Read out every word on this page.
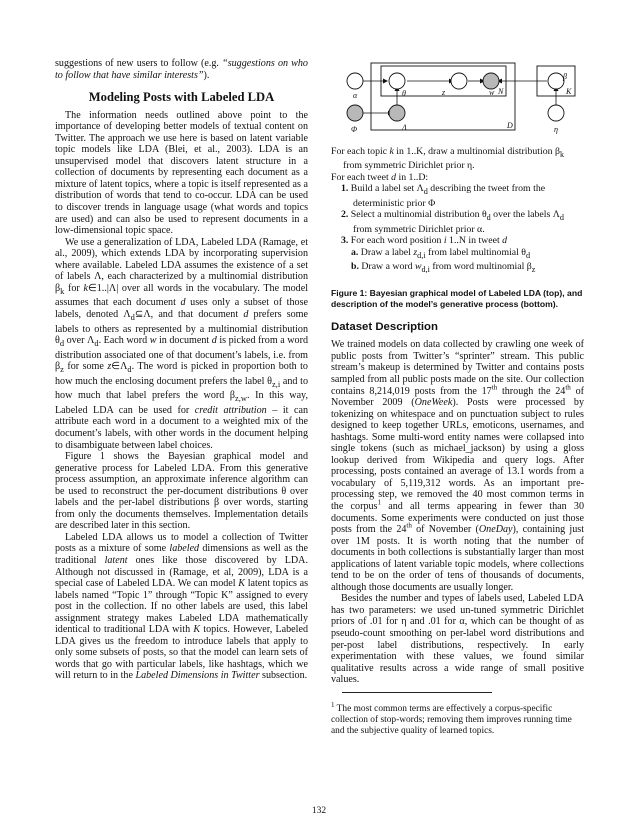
suggestions of new users to follow (e.g. “suggestions on who to follow that have similar interests”).

Modeling Posts with Labeled LDA

The information needs outlined above point to the importance of developing better models of textual content on Twitter. The approach we use here is based on latent variable topic models like LDA (Blei, et al., 2003). LDA is an unsupervised model that discovers latent structure in a collection of documents by representing each document as a mixture of latent topics, where a topic is itself represented as a distribution of words that tend to co-occur. LDA can be used to discover trends in language usage (what words and topics are used) and can also be used to represent documents in a low-dimensional topic space.

We use a generalization of LDA, Labeled LDA (Ramage, et al., 2009), which extends LDA by incorporating supervision where available. Labeled LDA assumes the existence of a set of labels Λ, each characterized by a multinomial distribution $\beta_k$ for k∈1..|Λ| over all words in the vocabulary. The model assumes that each document d uses only a subset of those labels, denoted $\Lambda_d⊆\Lambda$, and that document d prefers some labels to others as represented by a multinomial distribution $\theta_d$ over $\Lambda_d$. Each word w in document d is picked from a word distribution associated one of that document’s labels, i.e. from $\beta_z$ for some $z\in\Lambda_d$. The word is picked in proportion both to how much the enclosing document prefers the label $\theta_{z,i}$ and to how much that label prefers the word $\beta_{z,w}$. In this way, Labeled LDA can be used for credit attribution – it can attribute each word in a document to a weighted mix of the document’s labels, with other words in the document helping to disambiguate between label choices.

Figure 1 shows the Bayesian graphical model and generative process for Labeled LDA. From this generative process assumption, an approximate inference algorithm can be used to reconstruct the per-document distributions θ over labels and the per-label distributions β over words, starting from only the documents themselves. Implementation details are described later in this section.

Labeled LDA allows us to model a collection of Twitter posts as a mixture of some labeled dimensions as well as the traditional latent ones like those discovered by LDA. Although not discussed in (Ramage, et al, 2009), LDA is a special case of Labeled LDA. We can model K latent topics as labels named “Topic 1” through “Topic K” assigned to every post in the collection. If no other labels are used, this label assignment strategy makes Labeled LDA mathematically identical to traditional LDA with K topics. However, Labeled LDA gives us the freedom to introduce labels that apply to only some subsets of posts, so that the model can learn sets of words that go with particular labels, like hashtags, which we will return to in the Labeled Dimensions in Twitter subsection.

α	θ	z	w
β
Φ	Λ	η
N	K
D

For each topic k in 1..K, draw a multinomial distribution $\beta_k$ from symmetric Dirichlet prior η.

For each tweet d in 1..D:

1. Build a label set $\Lambda_d$ describing the tweet from the deterministic prior Φ

2. Select a multinomial distribution $\theta_d$ over the labels $\Lambda_d$ from symmetric Dirichlet prior α.

3. For each word position i 1..N in tweet d

a. Draw a label $z_{d,i}$ from label multinomial $\theta_d$

b. Draw a word $w_{d,i}$ from word multinomial $\beta_z$

Figure 1: Bayesian graphical model of Labeled LDA (top), and description of the model’s generative process (bottom).
Dataset Description

We trained models on data collected by crawling one week of public posts from Twitter’s “sprinter” stream. This public stream’s makeup is determined by Twitter and contains posts sampled from all public posts made on the site. Our collection contains 8,214,019 posts from the 17th through the 24th of November 2009 (OneWeek). Posts were processed by tokenizing on whitespace and on punctuation subject to rules designed to keep together URLs, emoticons, usernames, and hashtags. Some multi-word entity names were collapsed into single tokens (such as michael_jackson) by using a gloss lookup derived from Wikipedia and query logs. After processing, posts contained an average of 13.1 words from a vocabulary of 5,119,312 words. As an important pre-processing step, we removed the 40 most common terms in the corpus$^1$ and all terms appearing in fewer than 30 documents. Some experiments were conducted on just those posts from the 24th of November (OneDay), containing just over 1M posts. It is worth noting that the number of documents in both collections is substantially larger than most applications of latent variable topic models, where collections tend to be on the order of tens of thousands of documents, although those documents are usually longer.

Besides the number and types of labels used, Labeled LDA has two parameters: we used un-tuned symmetric Dirichlet priors of .01 for η and .01 for α, which can be thought of as pseudo-count smoothing on per-label word distributions and per-post label distributions, respectively. In early experimentation with these values, we found similar qualitative results across a wide range of small positive values.

$^1$ The most common terms are effectively a corpus-specific collection of stop-words; removing them improves running time and the subjective quality of learned topics.
132
